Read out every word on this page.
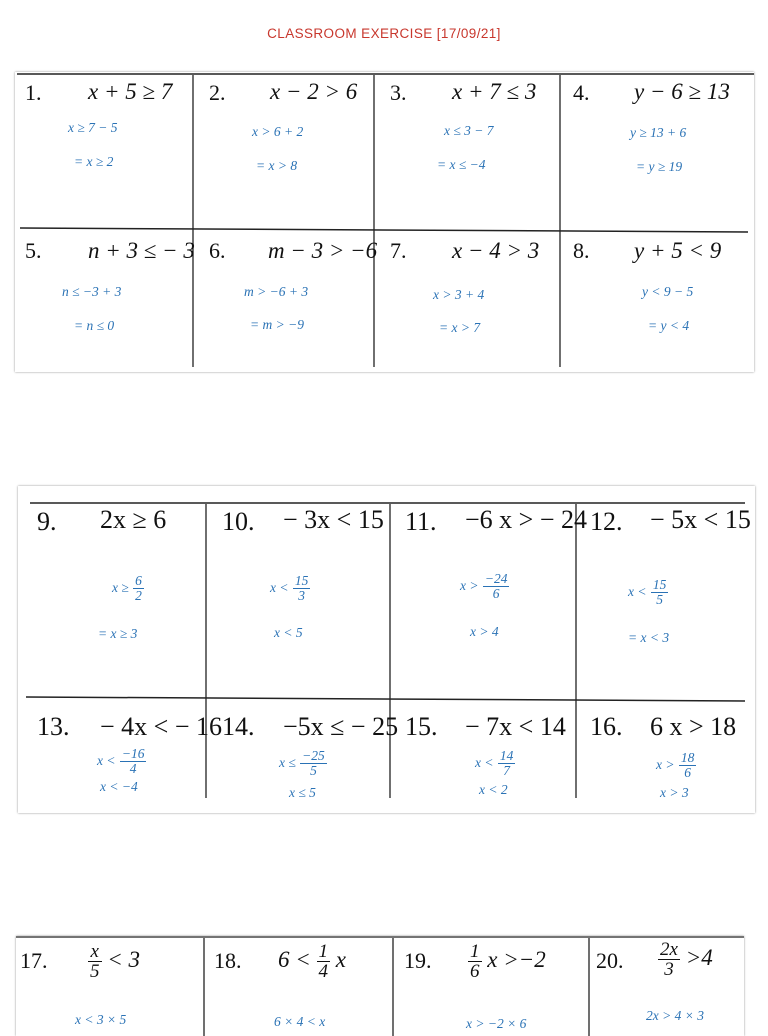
CLASSROOM EXERCISE [17/09/21]
1. x + 5 ≥ 7
x ≥ 7 − 5
= x ≥ 2
2. x − 2 > 6
x > 6 + 2
= x > 8
3. x + 7 ≤ 3
x ≤ 3 − 7
= x ≤ −4
4. y − 6 ≥ 13
y ≥ 13 + 6
= y ≥ 19
5. n + 3 ≤ − 3
n ≤ −3 + 3
= n ≤ 0
6. m − 3 > −6
m > −6 + 3
= m > −9
7. x − 4 > 3
x > 3 + 4
= x > 7
8. y + 5 < 9
y < 9 − 5
= y < 4
9. 2x ≥ 6
$x \ge \frac{6}{2}$
= x ≥ 3
10. − 3x < 15
$x < \frac{15}{3}$
x < 5
11. −6 x > − 24
$x > \frac{-24}{6}$
x > 4
12. − 5x < 15
$x < \frac{15}{5}$
= x < 3
13. − 4x < − 16
$x < \frac{-16}{4}$
x < −4
14. −5x ≤ − 25
$x \le \frac{-25}{5}$
x ≤ 5
15. − 7x < 14
$x < \frac{14}{7}$
x < 2
16. 6 x > 18
$x > \frac{18}{6}$
x > 3
17. $\frac{x}{5} < 3$
x < 3 × 5
18. $6 < \frac{1}{4}$ x
6 × 4 < x
19. $\frac{1}{6}$ x >−2
x > −2 × 6
20. $\frac{2x}{3} >4$
2x > 4 × 3
